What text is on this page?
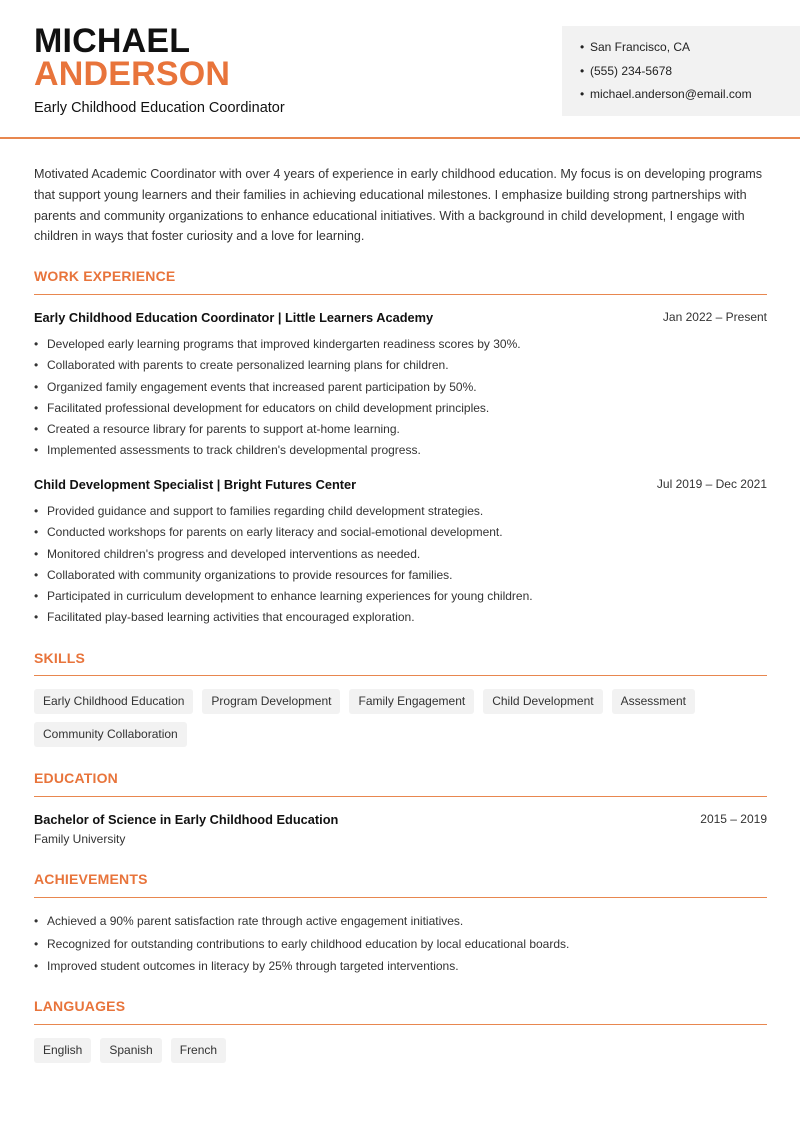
MICHAEL
ANDERSON
Early Childhood Education Coordinator
• San Francisco, CA
• (555) 234-5678
• michael.anderson@email.com
Motivated Academic Coordinator with over 4 years of experience in early childhood education. My focus is on developing programs that support young learners and their families in achieving educational milestones. I emphasize building strong partnerships with parents and community organizations to enhance educational initiatives. With a background in child development, I engage with children in ways that foster curiosity and a love for learning.
WORK EXPERIENCE
Early Childhood Education Coordinator | Little Learners Academy	Jan 2022 – Present
• Developed early learning programs that improved kindergarten readiness scores by 30%.
• Collaborated with parents to create personalized learning plans for children.
• Organized family engagement events that increased parent participation by 50%.
• Facilitated professional development for educators on child development principles.
• Created a resource library for parents to support at-home learning.
• Implemented assessments to track children's developmental progress.
Child Development Specialist | Bright Futures Center	Jul 2019 – Dec 2021
• Provided guidance and support to families regarding child development strategies.
• Conducted workshops for parents on early literacy and social-emotional development.
• Monitored children's progress and developed interventions as needed.
• Collaborated with community organizations to provide resources for families.
• Participated in curriculum development to enhance learning experiences for young children.
• Facilitated play-based learning activities that encouraged exploration.
SKILLS
Early Childhood Education	Program Development	Family Engagement	Child Development	Assessment
Community Collaboration
EDUCATION
Bachelor of Science in Early Childhood Education	2015 – 2019
Family University
ACHIEVEMENTS
• Achieved a 90% parent satisfaction rate through active engagement initiatives.
• Recognized for outstanding contributions to early childhood education by local educational boards.
• Improved student outcomes in literacy by 25% through targeted interventions.
LANGUAGES
English	Spanish	French
